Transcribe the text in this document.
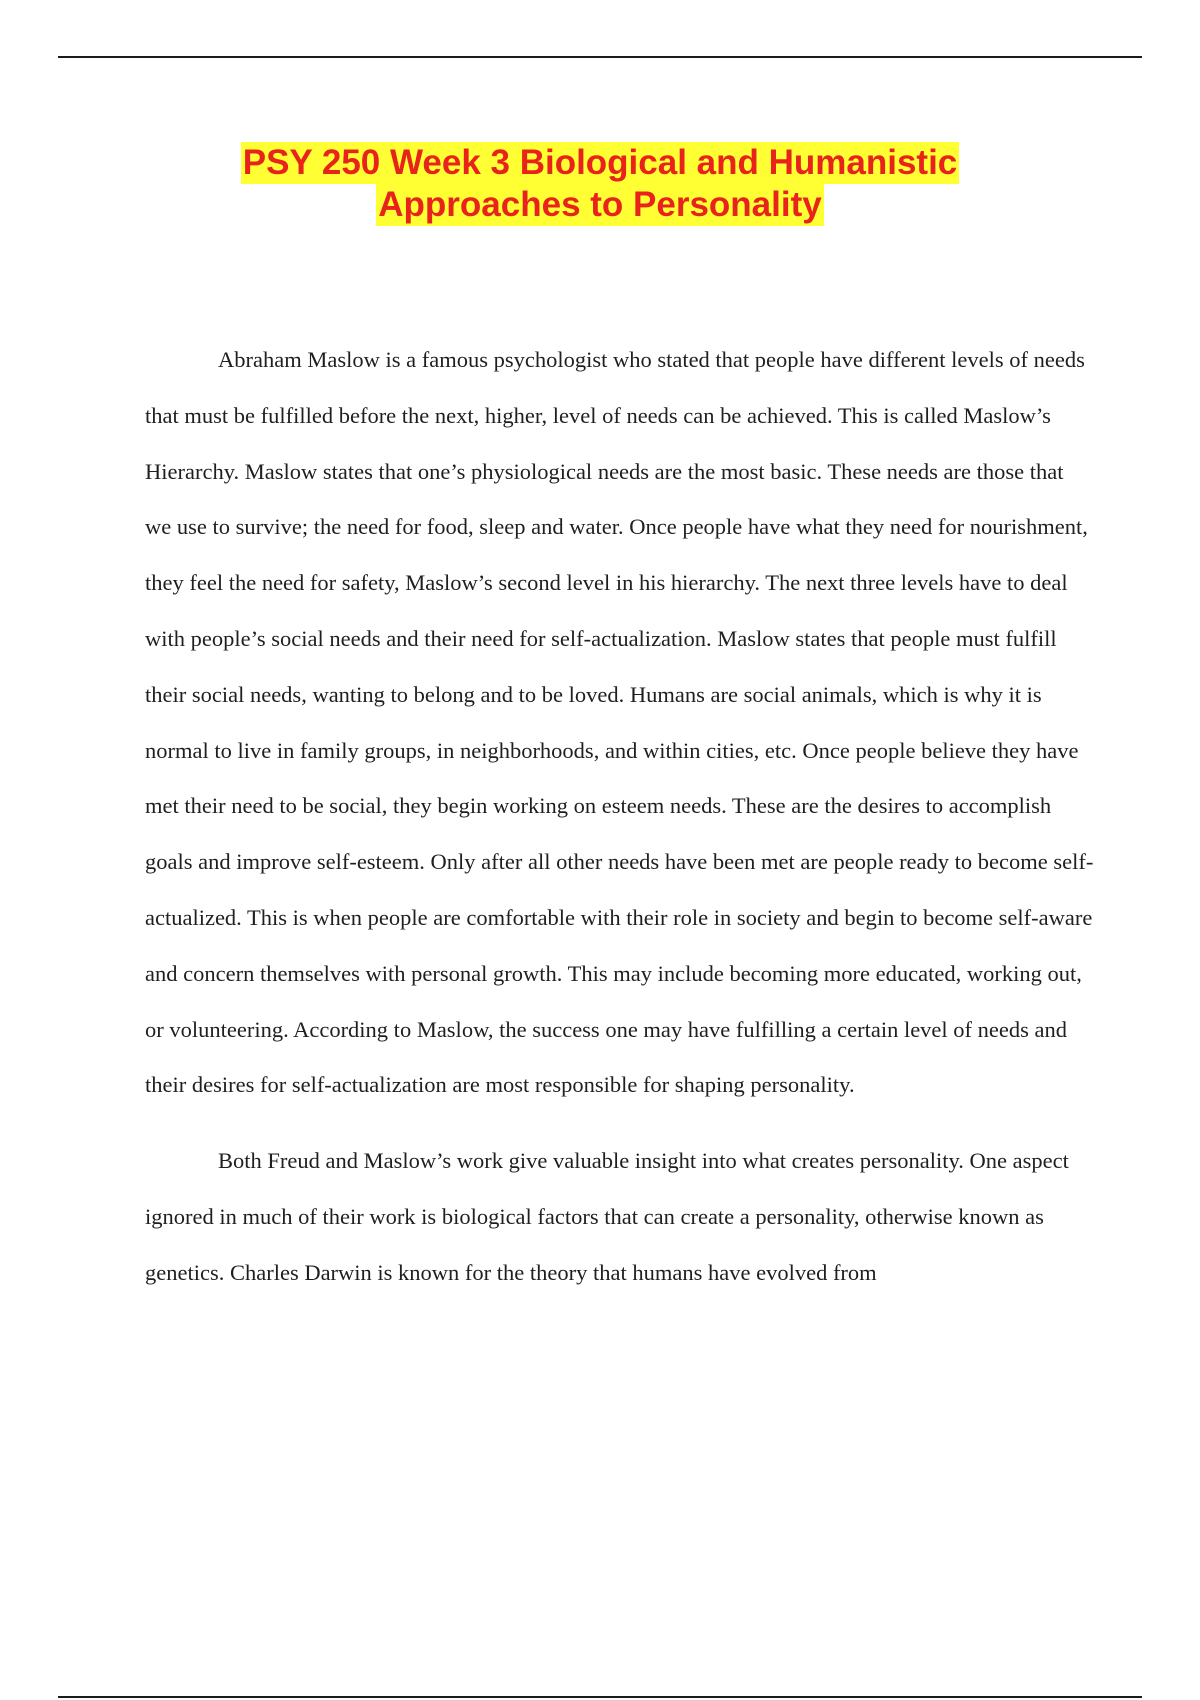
PSY 250 Week 3 Biological and Humanistic
Approaches to Personality

Abraham Maslow is a famous psychologist who stated that people have different levels of needs that must be fulfilled before the next, higher, level of needs can be achieved. This is called Maslow’s Hierarchy. Maslow states that one’s physiological needs are the most basic. These needs are those that we use to survive; the need for food, sleep and water. Once people have what they need for nourishment, they feel the need for safety, Maslow’s second level in his hierarchy. The next three levels have to deal with people’s social needs and their need for self-actualization. Maslow states that people must fulfill their social needs, wanting to belong and to be loved. Humans are social animals, which is why it is normal to live in family groups, in neighborhoods, and within cities, etc. Once people believe they have met their need to be social, they begin working on esteem needs. These are the desires to accomplish goals and improve self-esteem. Only after all other needs have been met are people ready to become self-actualized. This is when people are comfortable with their role in society and begin to become self-aware and concern themselves with personal growth. This may include becoming more educated, working out, or volunteering. According to Maslow, the success one may have fulfilling a certain level of needs and their desires for self-actualization are most responsible for shaping personality.

Both Freud and Maslow’s work give valuable insight into what creates personality. One aspect ignored in much of their work is biological factors that can create a personality, otherwise known as genetics. Charles Darwin is known for the theory that humans have evolved from
